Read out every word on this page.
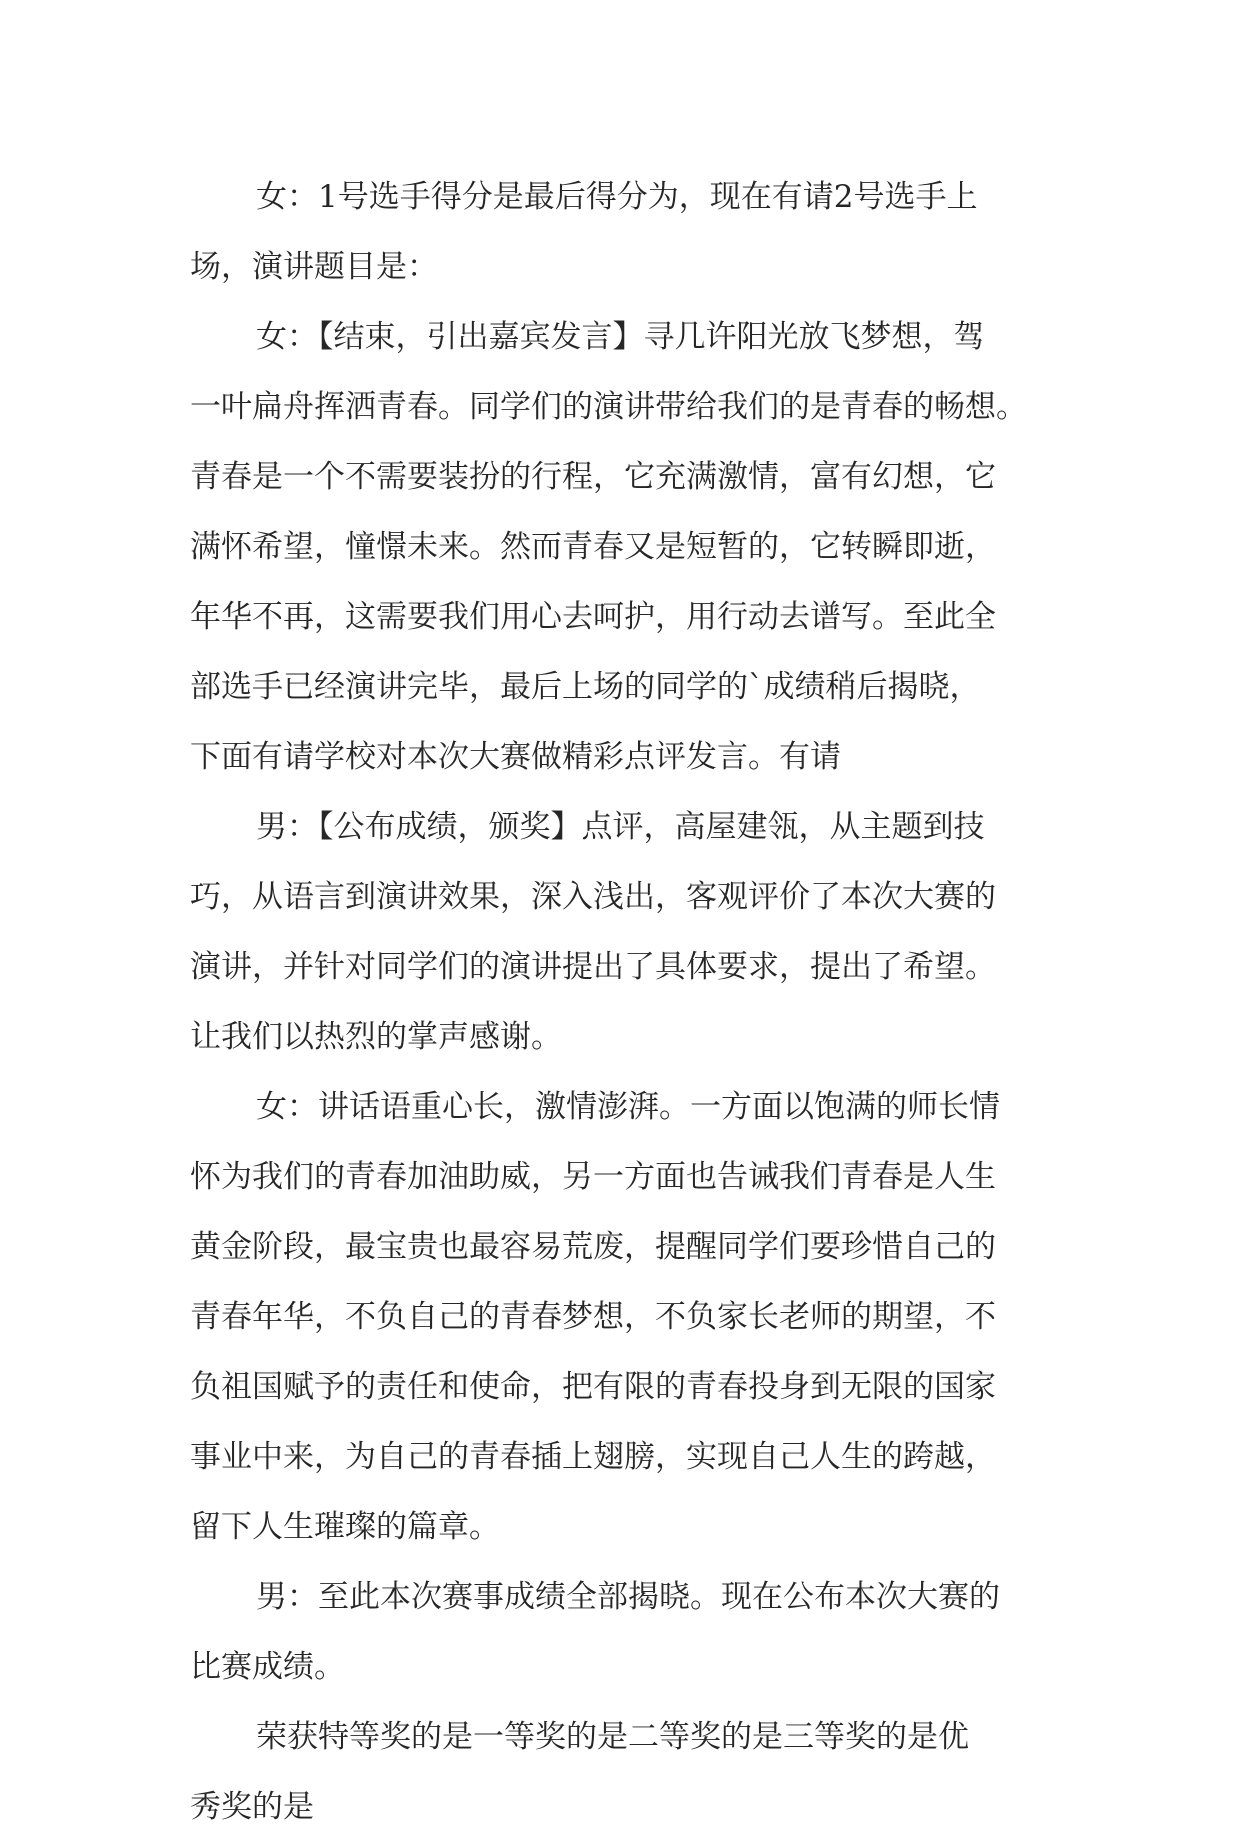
女：1号选手得分是最后得分为，现在有请2号选手上
场，演讲题目是：
女：【结束，引出嘉宾发言】寻几许阳光放飞梦想，驾
一叶扁舟挥洒青春。同学们的演讲带给我们的是青春的畅想。
青春是一个不需要装扮的行程，它充满激情，富有幻想，它
满怀希望，憧憬未来。然而青春又是短暂的，它转瞬即逝，
年华不再，这需要我们用心去呵护，用行动去谱写。至此全
部选手已经演讲完毕，最后上场的同学的`成绩稍后揭晓，
下面有请学校对本次大赛做精彩点评发言。有请
男：【公布成绩，颁奖】点评，高屋建瓴，从主题到技
巧，从语言到演讲效果，深入浅出，客观评价了本次大赛的
演讲，并针对同学们的演讲提出了具体要求，提出了希望。
让我们以热烈的掌声感谢。
女：讲话语重心长，激情澎湃。一方面以饱满的师长情
怀为我们的青春加油助威，另一方面也告诫我们青春是人生
黄金阶段，最宝贵也最容易荒废，提醒同学们要珍惜自己的
青春年华，不负自己的青春梦想，不负家长老师的期望，不
负祖国赋予的责任和使命，把有限的青春投身到无限的国家
事业中来，为自己的青春插上翅膀，实现自己人生的跨越，
留下人生璀璨的篇章。
男：至此本次赛事成绩全部揭晓。现在公布本次大赛的
比赛成绩。
荣获特等奖的是一等奖的是二等奖的是三等奖的是优
秀奖的是
